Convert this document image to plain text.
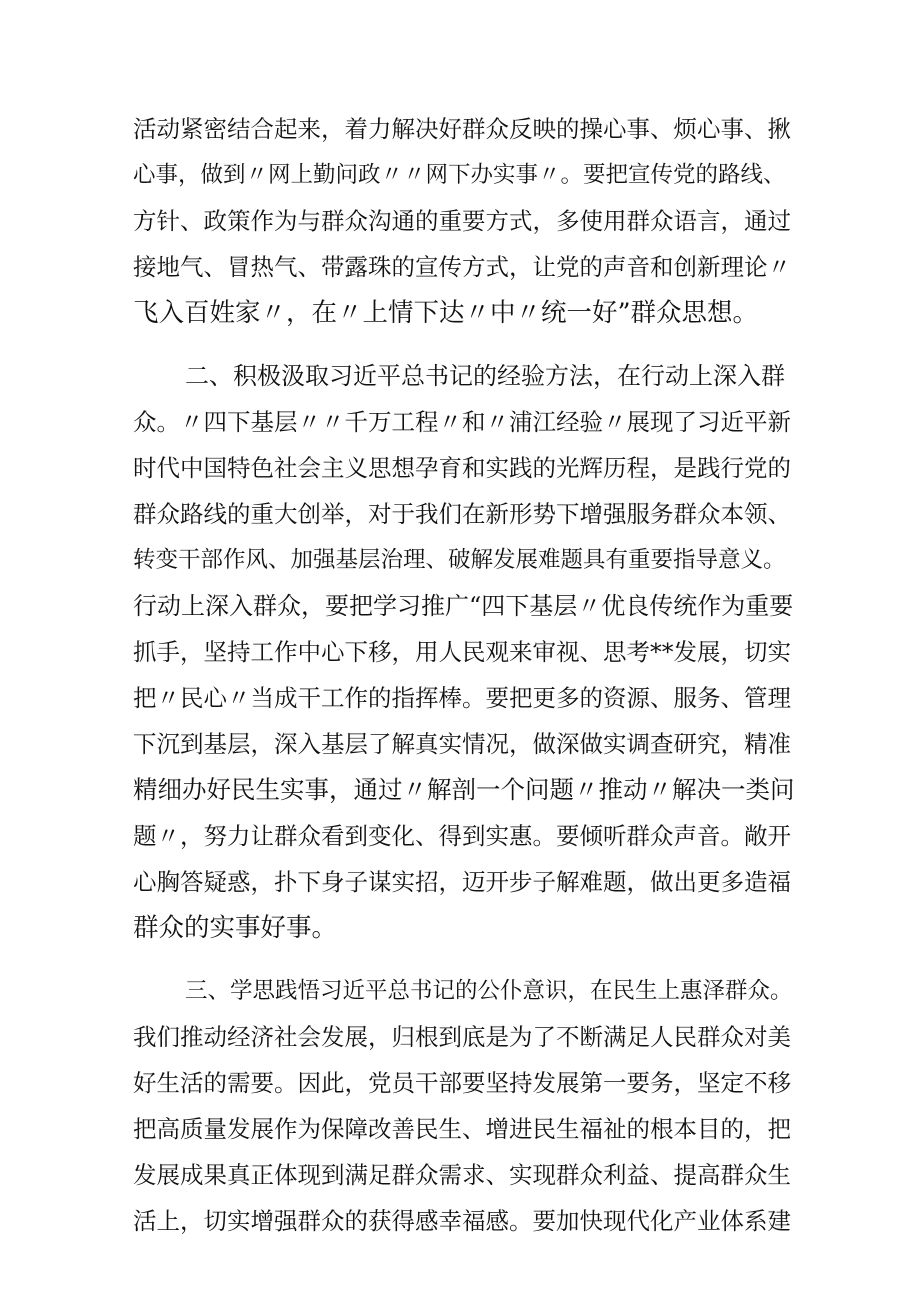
活动紧密结合起来，着力解决好群众反映的操心事、烦心事、揪

心事，做到〃网上勤问政〃〃网下办实事〃。要把宣传党的路线、

方针、政策作为与群众沟通的重要方式，多使用群众语言，通过

接地气、冒热气、带露珠的宣传方式，让党的声音和创新理论〃

飞入百姓家〃，在〃上情下达〃中〃统一好”群众思想。

二、积极汲取习近平总书记的经验方法，在行动上深入群

众。〃四下基层〃〃千万工程〃和〃浦江经验〃展现了习近平新

时代中国特色社会主义思想孕育和实践的光辉历程，是践行党的

群众路线的重大创举，对于我们在新形势下增强服务群众本领、

转变干部作风、加强基层治理、破解发展难题具有重要指导意义。

行动上深入群众，要把学习推广“四下基层〃优良传统作为重要

抓手，坚持工作中心下移，用人民观来审视、思考**发展，切实

把〃民心〃当成干工作的指挥棒。要把更多的资源、服务、管理

下沉到基层，深入基层了解真实情况，做深做实调查研究，精准

精细办好民生实事，通过〃解剖一个问题〃推动〃解决一类问

题〃，努力让群众看到变化、得到实惠。要倾听群众声音。敞开

心胸答疑惑，扑下身子谋实招，迈开步子解难题，做出更多造福

群众的实事好事。

三、学思践悟习近平总书记的公仆意识，在民生上惠泽群众。

我们推动经济社会发展，归根到底是为了不断满足人民群众对美

好生活的需要。因此，党员干部要坚持发展第一要务，坚定不移

把高质量发展作为保障改善民生、增进民生福祉的根本目的，把

发展成果真正体现到满足群众需求、实现群众利益、提高群众生

活上，切实增强群众的获得感幸福感。要加快现代化产业体系建
